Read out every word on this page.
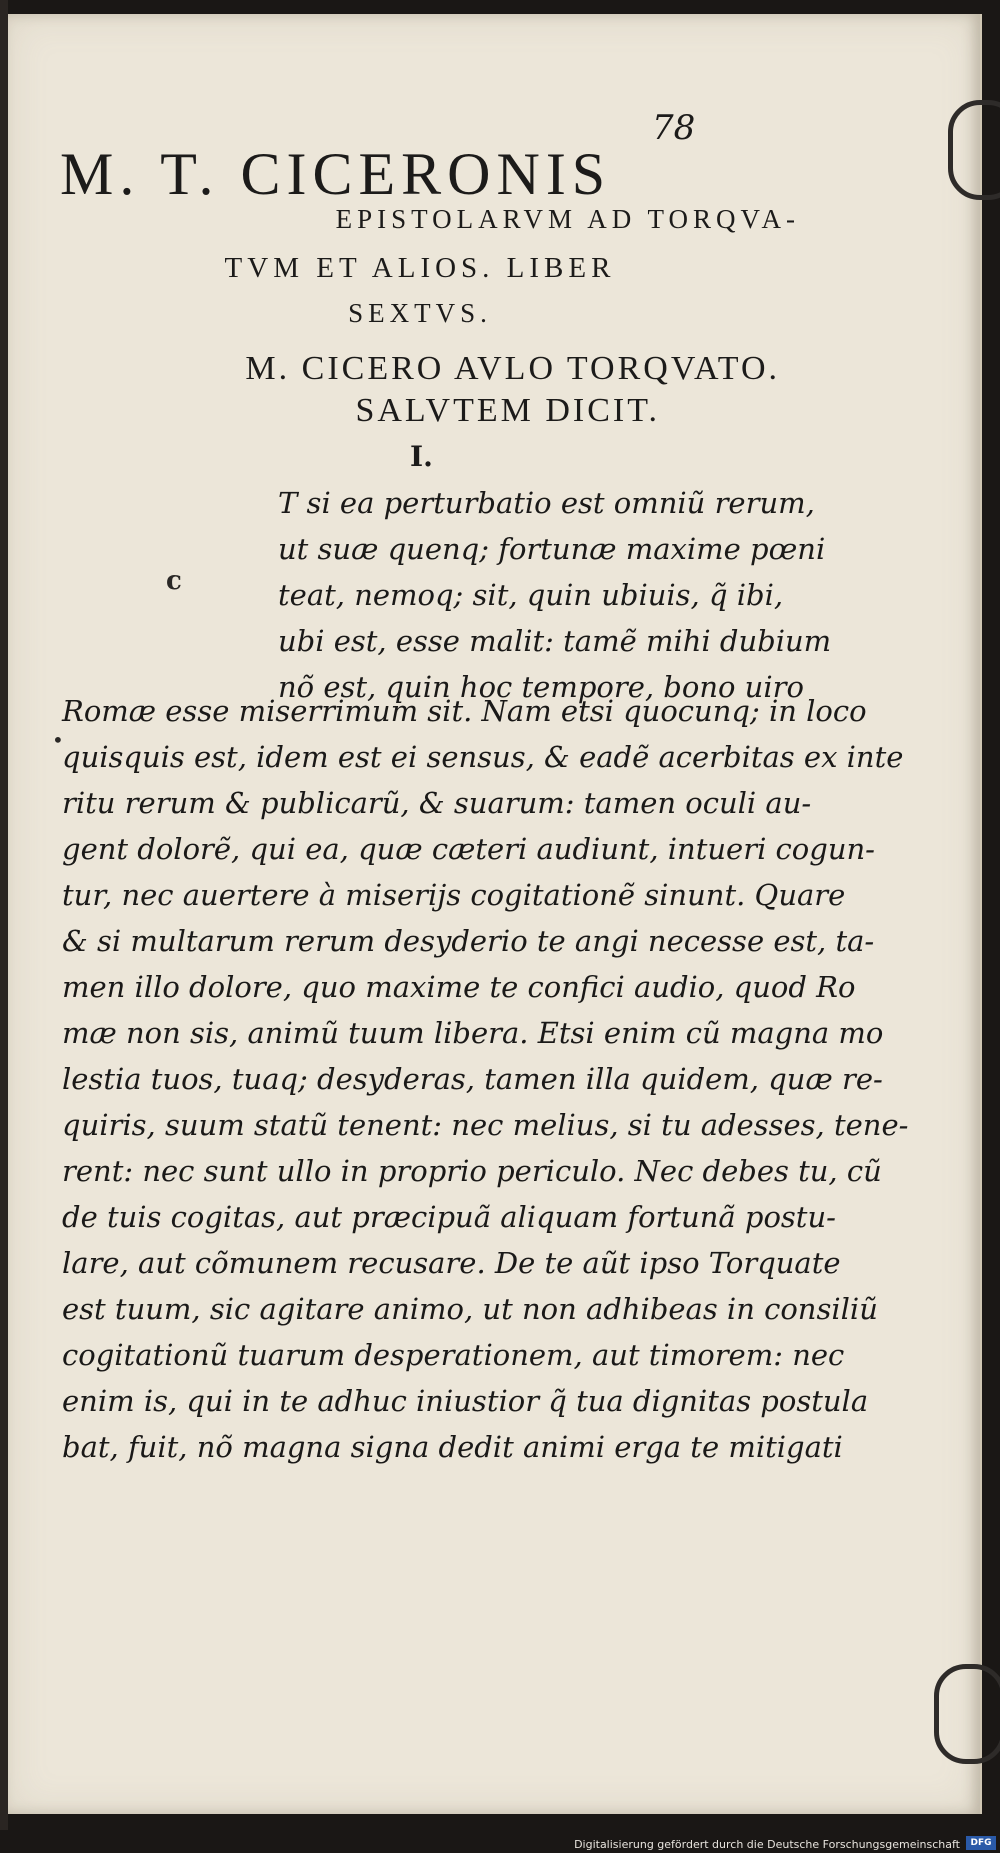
78
M. T. CICERONIS
EPISTOLARVM AD TORQVA-
TVM ET ALIOS. LIBER
SEXTVS.
M. CICERO AVLO TORQVATO.
SALVTEM DICIT.
I.
c
•
T si ea perturbatio est omniũ rerum,
ut suæ quenq; fortunæ maxime pœni
teat, nemoq; sit, quin ubiuis, q̃ ibi,
ubi est, esse malit: tamẽ mihi dubium
nõ est, quin hoc tempore, bono uiro
Romæ esse miserrimum sit. Nam etsi quocunq; in loco
quisquis est, idem est ei sensus, & eadẽ acerbitas ex inte
ritu rerum & publicarũ, & suarum: tamen oculi au-
gent dolorẽ, qui ea, quæ cæteri audiunt, intueri cogun-
tur, nec auertere à miserijs cogitationẽ sinunt. Quare
& si multarum rerum desyderio te angi necesse est, ta-
men illo dolore, quo maxime te confici audio, quod Ro
mæ non sis, animũ tuum libera. Etsi enim cũ magna mo
lestia tuos, tuaq; desyderas, tamen illa quidem, quæ re-
quiris, suum statũ tenent: nec melius, si tu adesses, tene-
rent: nec sunt ullo in proprio periculo. Nec debes tu, cũ
de tuis cogitas, aut præcipuã aliquam fortunã postu-
lare, aut cõmunem recusare. De te aũt ipso Torquate
est tuum, sic agitare animo, ut non adhibeas in consiliũ
cogitationũ tuarum desperationem, aut timorem: nec
enim is, qui in te adhuc iniustior q̃ tua dignitas postula
bat, fuit, nõ magna signa dedit animi erga te mitigati
Digitalisierung gefördert durch die Deutsche Forschungsgemeinschaft	DFG
